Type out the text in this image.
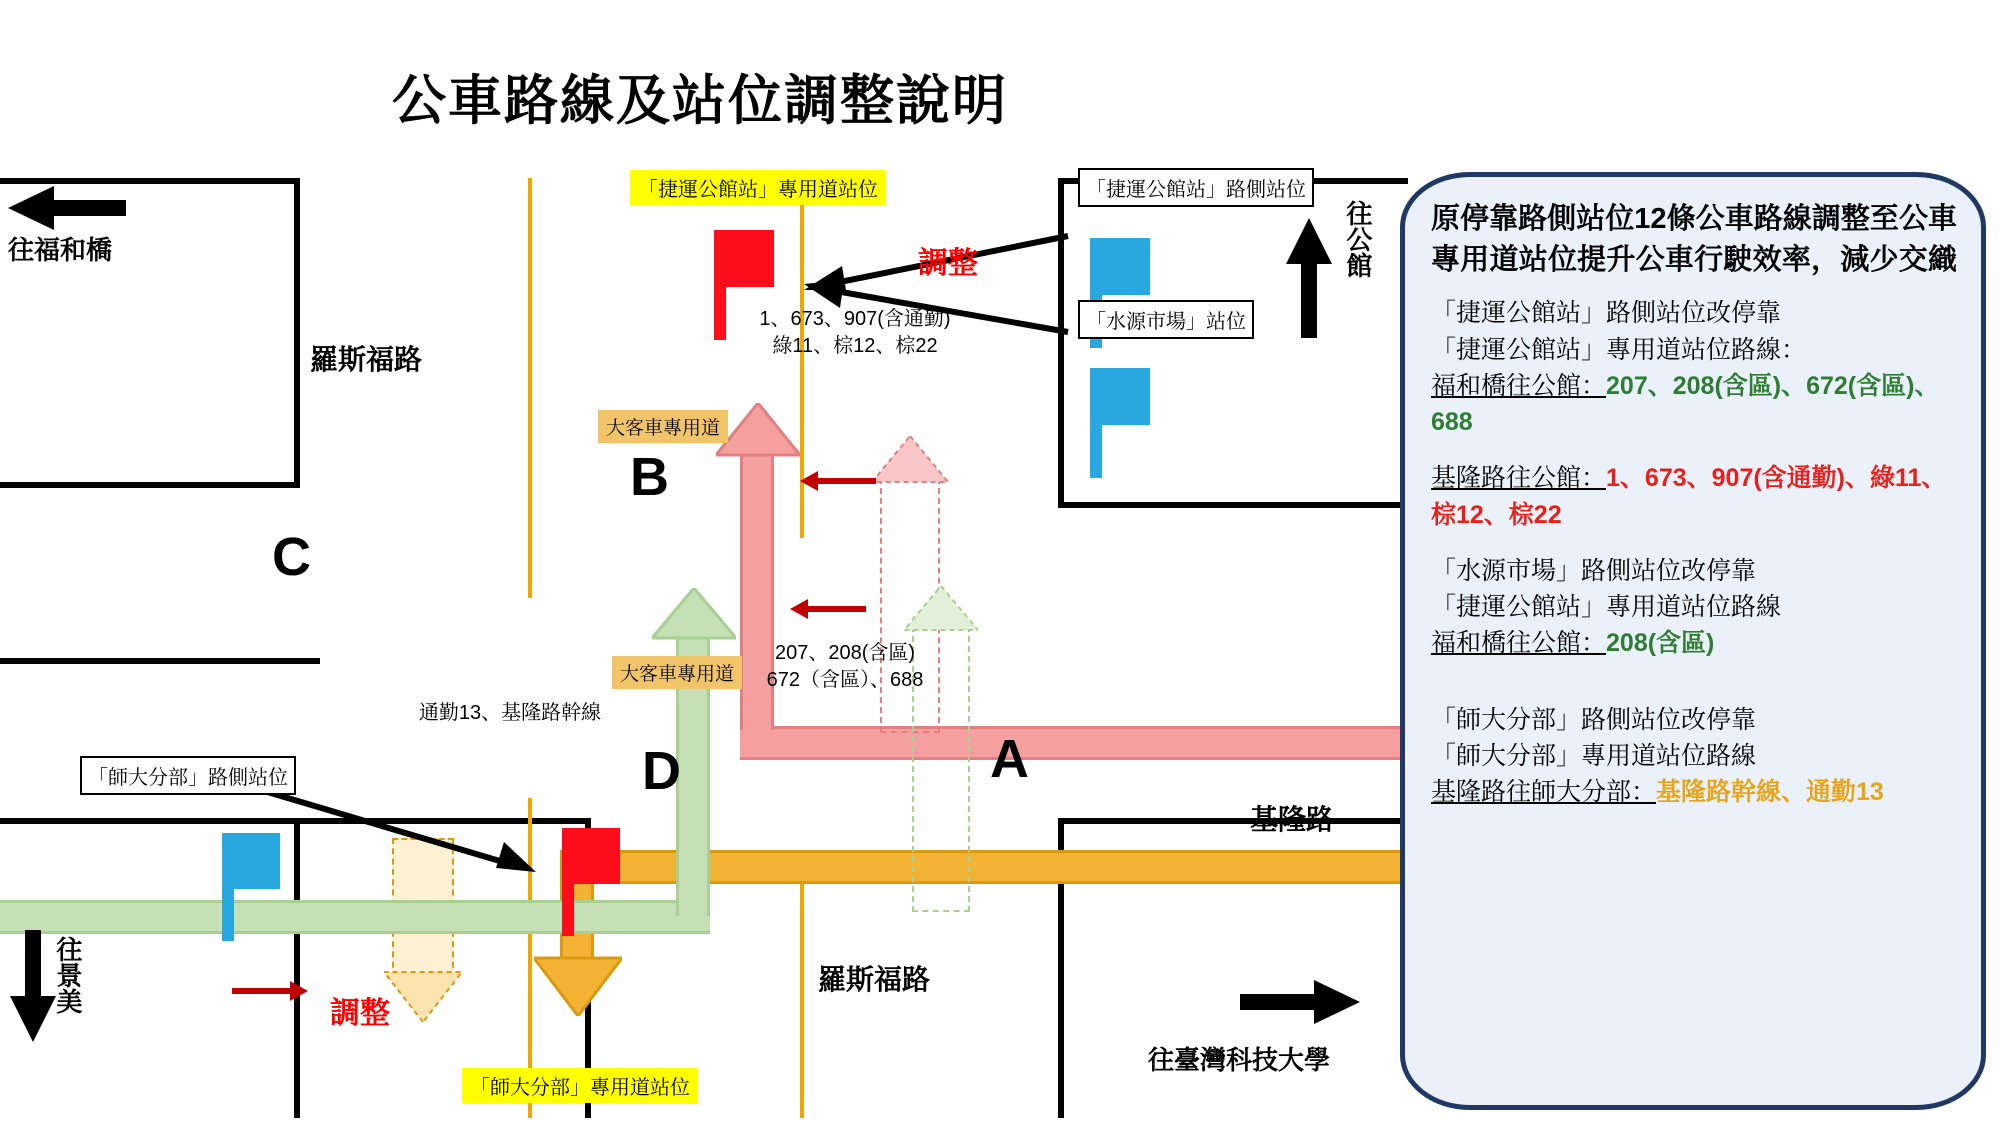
公車路線及站位調整說明
「捷運公館站」專用道站位	「捷運公館站」路側站位
「水源市場」站位
「師大分部」路側站位
「師大分部」專用道站位
調整
調整
大客車專用道
大客車專用道
1、673、907(含通勤)
綠11、棕12、棕22
207、208(含區)
672（含區）、688
通勤13、基隆路幹線
B
C
A
D
羅斯福路
基隆路
羅斯福路
往福和橋	往公館
往景美
往臺灣科技大學
原停靠路側站位12條公車路線調整至公車專用道站位提升公車行駛效率，減少交織
「捷運公館站」路側站位改停靠
「捷運公館站」專用道站位路線：
福和橋往公館：207、208(含區)、672(含區)、688
基隆路往公館：1、673、907(含通勤)、綠11、棕12、棕22
「水源市場」路側站位改停靠
「捷運公館站」專用道站位路線
福和橋往公館：208(含區)
「師大分部」路側站位改停靠
「師大分部」專用道站位路線
基隆路往師大分部：基隆路幹線、通勤13
